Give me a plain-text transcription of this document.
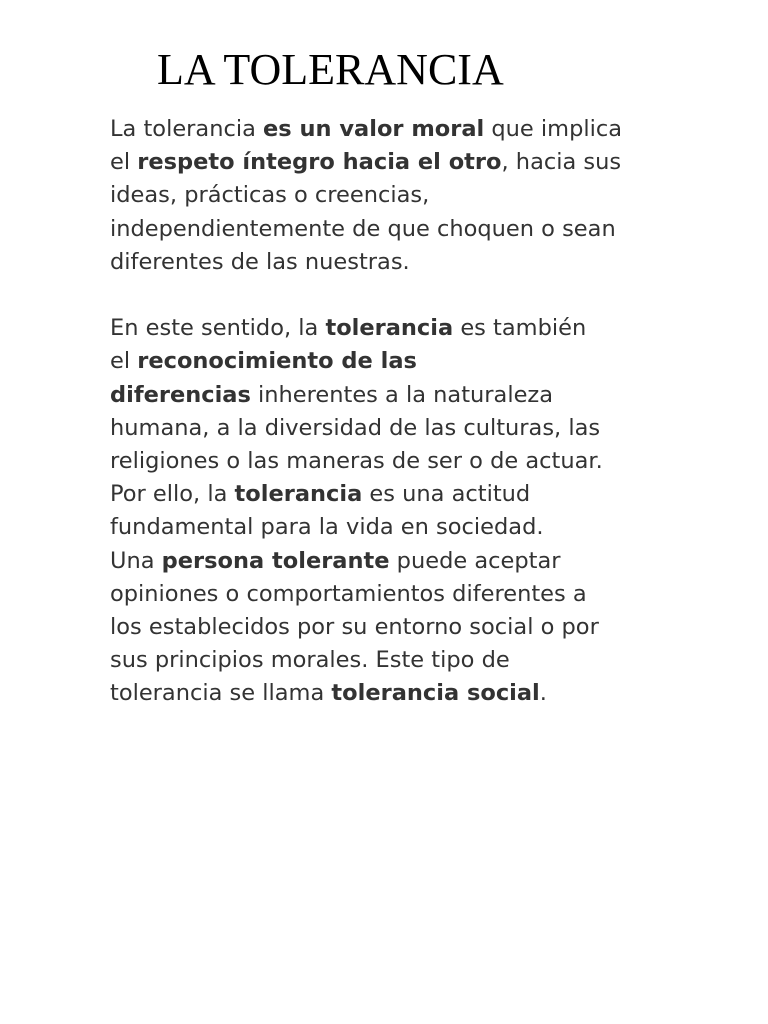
LA TOLERANCIA

La tolerancia es un valor moral que implica
el respeto íntegro hacia el otro, hacia sus
ideas, prácticas o creencias,
independientemente de que choquen o sean
diferentes de las nuestras.

En este sentido, la tolerancia es también
el reconocimiento de las
diferencias inherentes a la naturaleza
humana, a la diversidad de las culturas, las
religiones o las maneras de ser o de actuar.

Por ello, la tolerancia es una actitud
fundamental para la vida en sociedad.

Una persona tolerante puede aceptar
opiniones o comportamientos diferentes a
los establecidos por su entorno social o por
sus principios morales. Este tipo de
tolerancia se llama tolerancia social.
